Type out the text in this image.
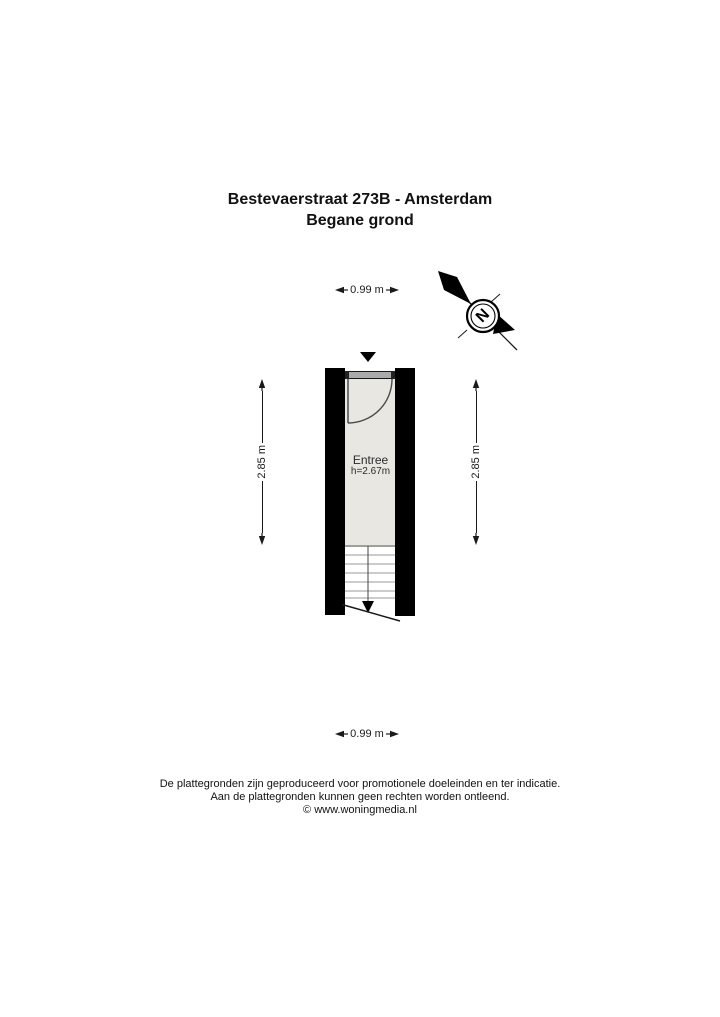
Bestevaerstraat 273B - Amsterdam
Begane grond
0.99 m
N
Entree
h=2.67m
2.85 m	2.85 m
0.99 m
De plattegronden zijn geproduceerd voor promotionele doeleinden en ter indicatie.
Aan de plattegronden kunnen geen rechten worden ontleend.
© www.woningmedia.nl
